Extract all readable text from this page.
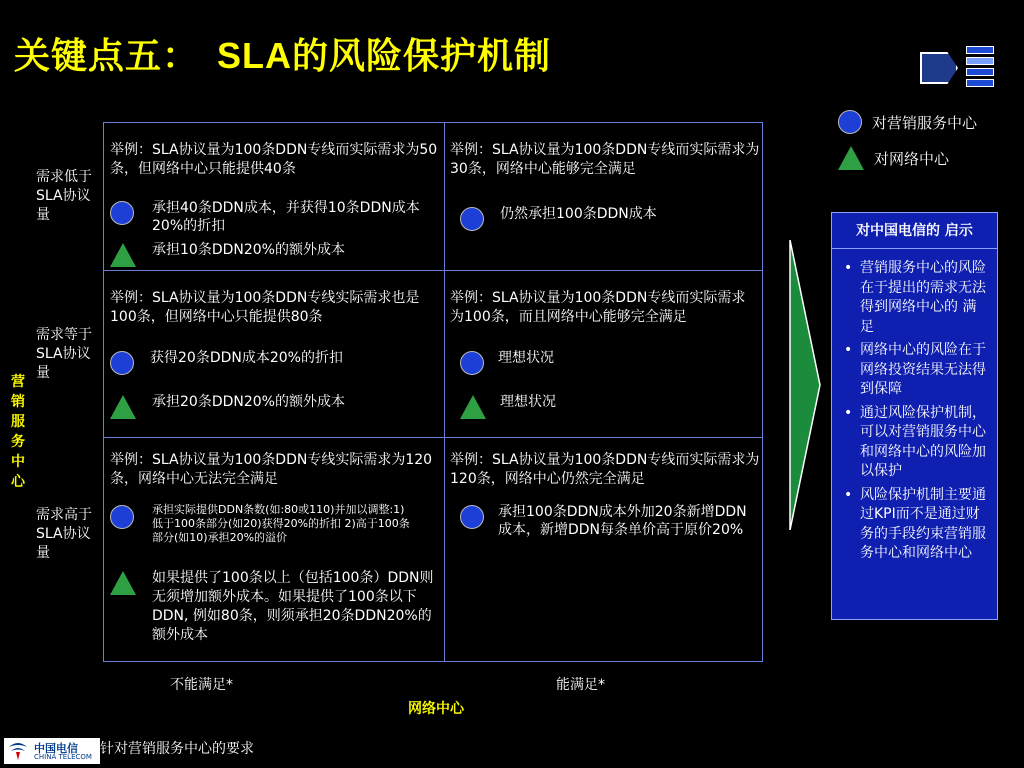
关键点五： SLA的风险保护机制
对营销服务中心
对网络中心
需求低于SLA协议量
需求等于SLA协议量
需求高于SLA协议量
营销服务中心
举例：SLA协议量为100条DDN专线而实际需求为50条，但网络中心只能提供40条
承担40条DDN成本，并获得10条DDN成本20%的折扣
承担10条DDN20%的额外成本
举例：SLA协议量为100条DDN专线而实际需求为30条，网络中心能够完全满足
仍然承担100条DDN成本
举例：SLA协议量为100条DDN专线实际需求也是100条，但网络中心只能提供80条
获得20条DDN成本20%的折扣
承担20条DDN20%的额外成本
举例：SLA协议量为100条DDN专线而实际需求为100条，而且网络中心能够完全满足
理想状况
理想状况
举例：SLA协议量为100条DDN专线实际需求为120条，网络中心无法完全满足
承担实际提供DDN条数(如:80或110)并加以调整:1)低于100条部分(如20)获得20%的折扣 2)高于100条部分(如10)承担20%的溢价
如果提供了100条以上（包括100条）DDN则无须增加额外成本。如果提供了100条以下DDN, 例如80条，则须承担20条DDN20%的额外成本
举例：SLA协议量为100条DDN专线而实际需求为120条，网络中心仍然完全满足
承担100条DDN成本外加20条新增DDN成本，新增DDN每条单价高于原价20%
不能满足*	能满足*
网络中心
对中国电信的 启示
• 营销服务中心的风险在于提出的需求无法得到网络中心的 满足
• 网络中心的风险在于网络投资结果无法得到保障
• 通过风险保护机制，可以对营销服务中心和网络中心的风险加以保护
• 风险保护机制主要通过KPI而不是通过财务的手段约束营销服务中心和网络中心
中国电信
CHINA TELECOM 针对营销服务中心的要求
